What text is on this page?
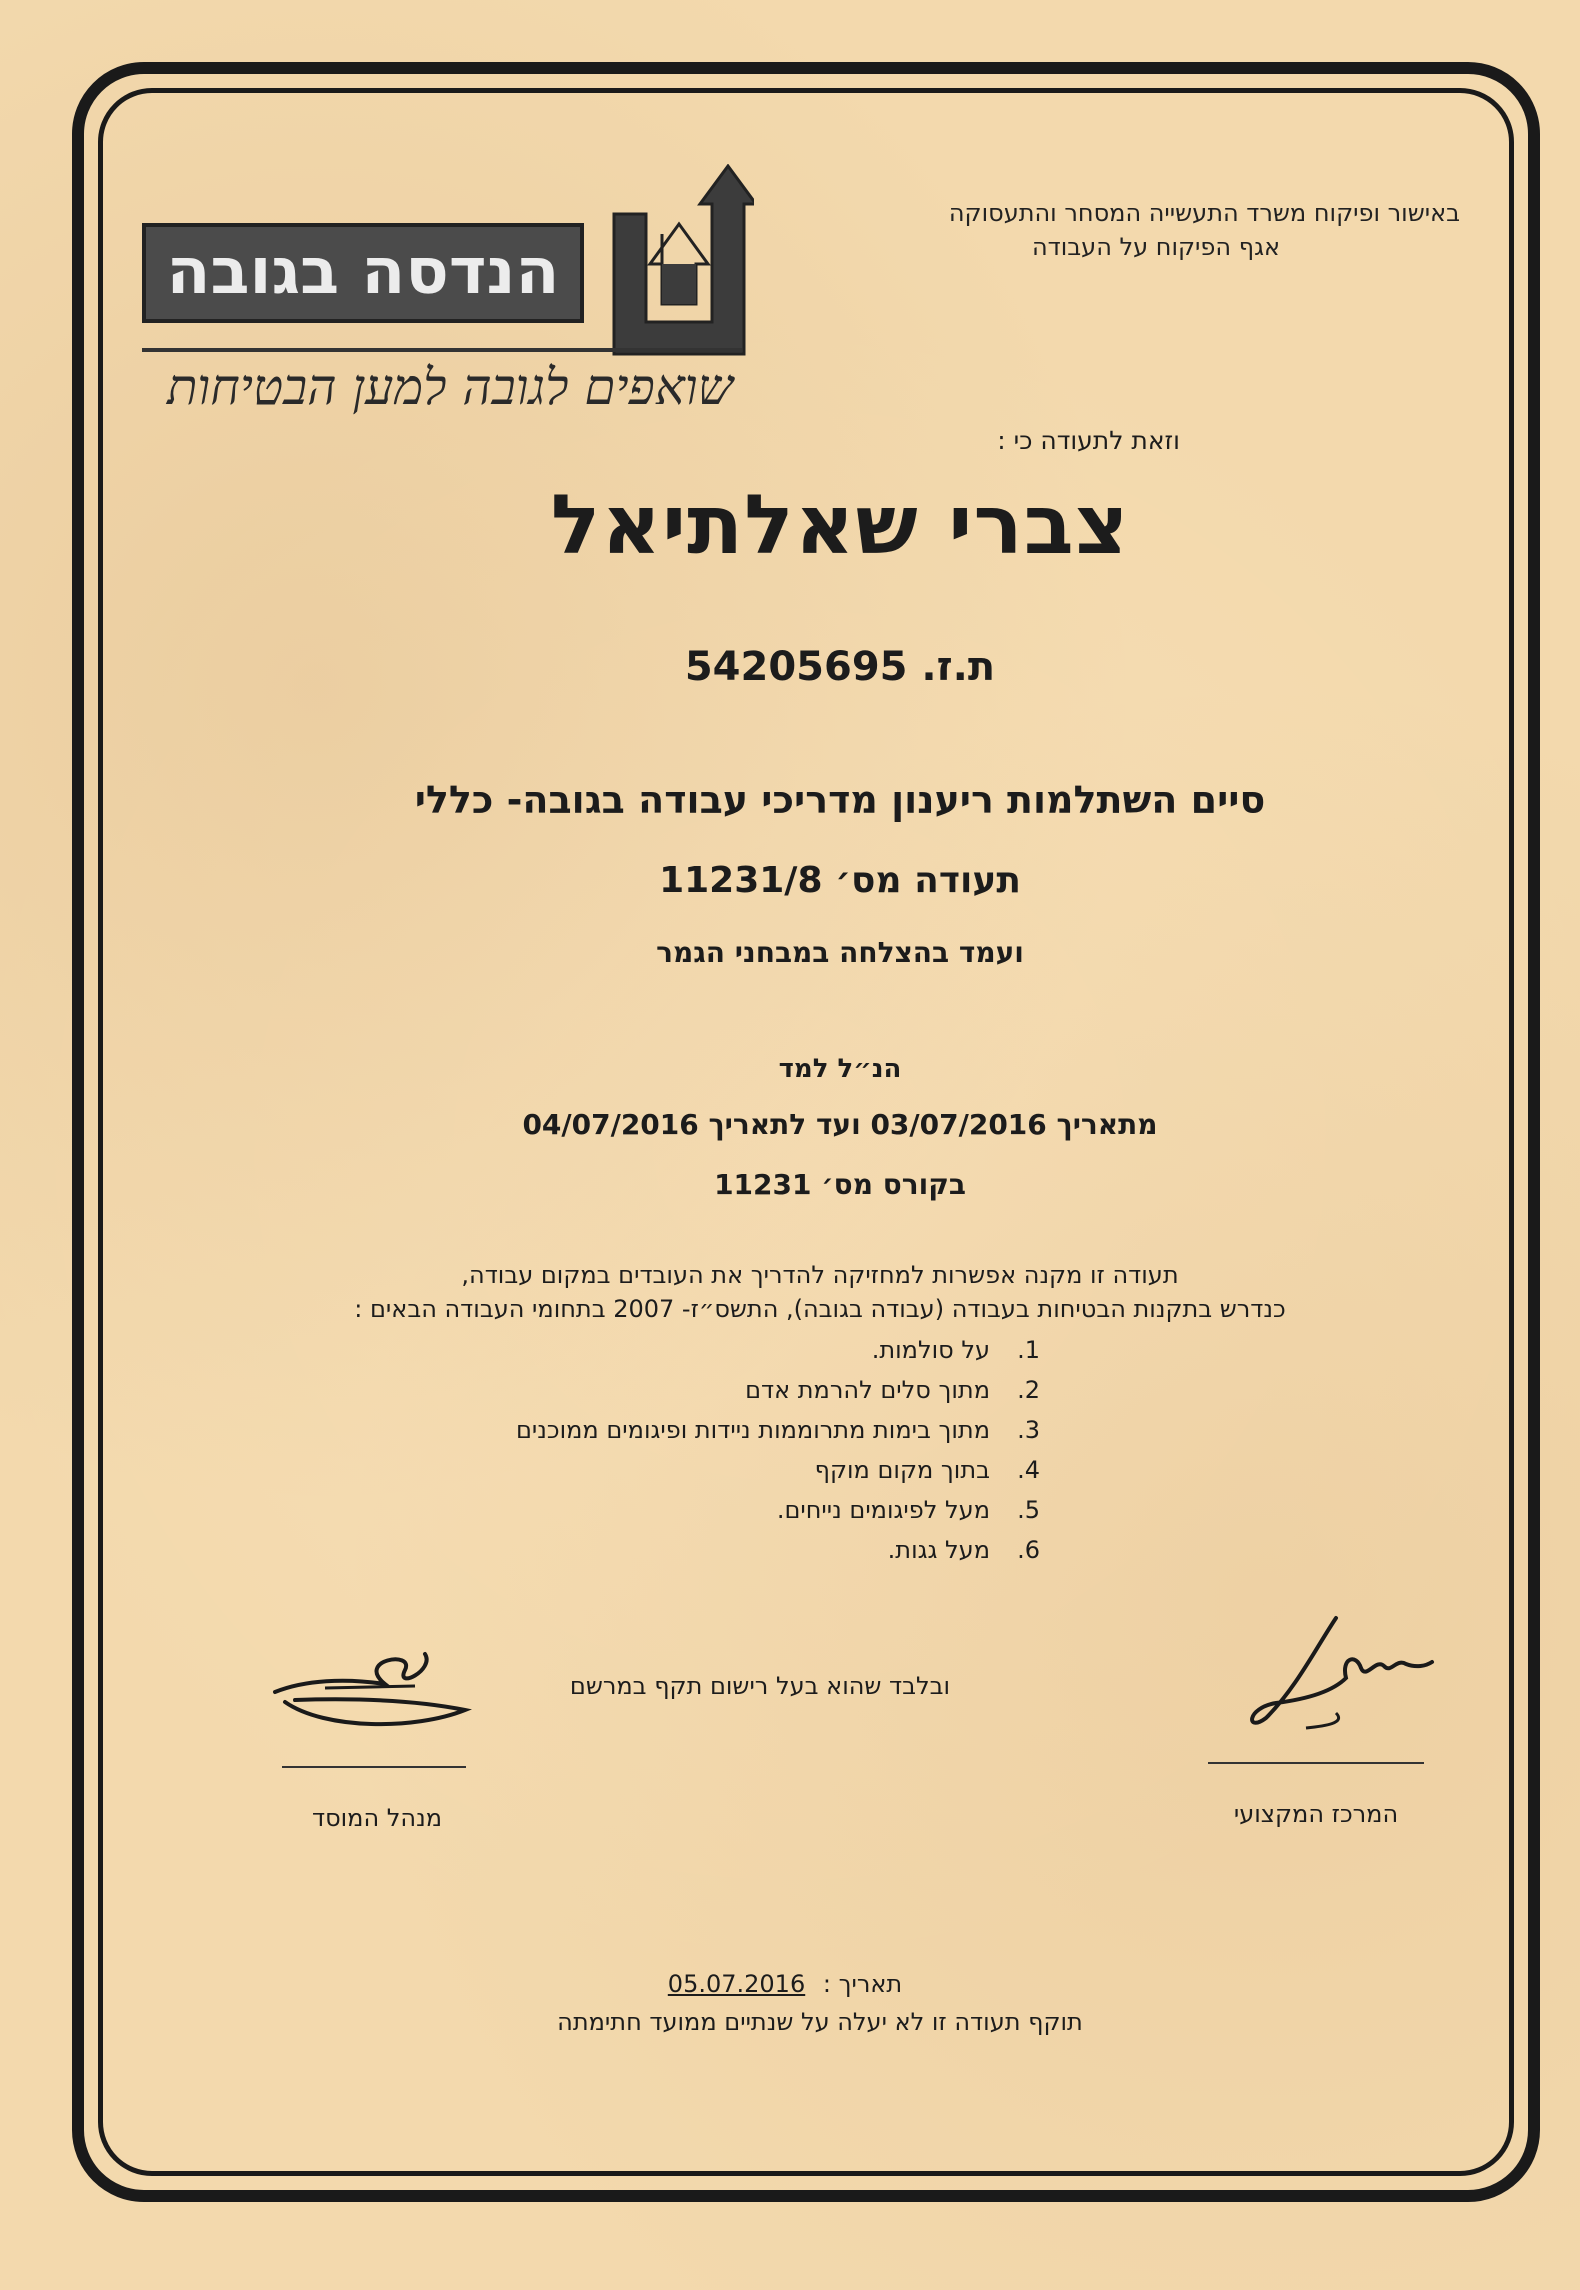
הנדסה בגובה
שואפים לגובה למען הבטיחות
באישור ופיקוח משרד התעשייה המסחר והתעסוקה
אגף הפיקוח על העבודה
וזאת לתעודה כי :
צברי שאלתיאל
ת.ז. 54205695
סיים השתלמות ריענון מדריכי עבודה בגובה- כללי
תעודה מס׳ 11231/8
ועמד בהצלחה במבחני הגמר
הנ״ל למד
מתאריך 03/07/2016 ועד לתאריך 04/07/2016
בקורס מס׳ 11231
תעודה זו מקנה אפשרות למחזיקה להדריך את העובדים במקום עבודה,
כנדרש בתקנות הבטיחות בעבודה (עבודה בגובה), התשס״ז- 2007 בתחומי העבודה הבאים :
1.
על סולמות.
2.
מתוך סלים להרמת אדם
3.
מתוך בימות מתרוממות ניידות ופיגומים ממוכנים
4.
בתוך מקום מוקף
5.
מעל לפיגומים נייחים.
6.
מעל גגות.
ובלבד שהוא בעל רישום תקף במרשם
מנהל המוסד	המרכז המקצועי
תאריך : 05.07.2016
תוקף תעודה זו לא יעלה על שנתיים ממועד חתימתה
